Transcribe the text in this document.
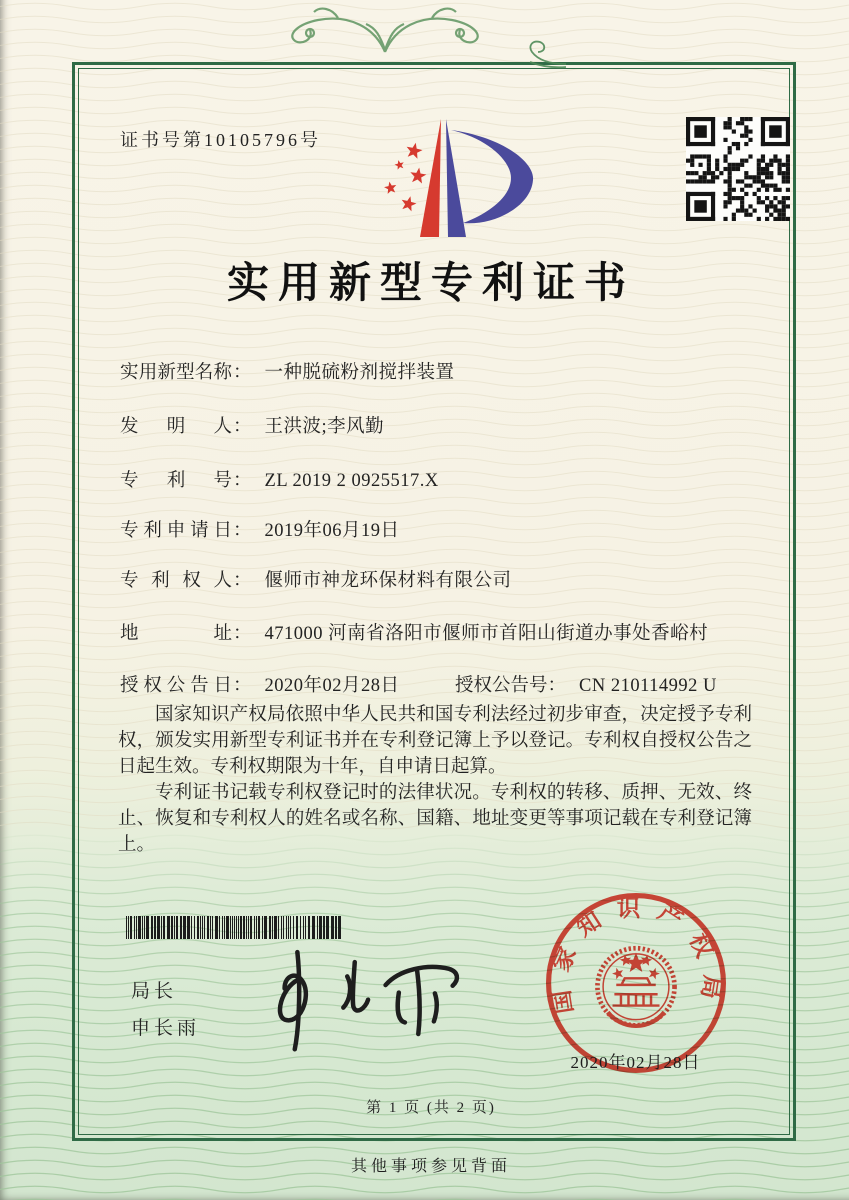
证书号第10105796号
实用新型专利证书
实用新型名称 ： 一种脱硫粉剂搅拌装置
发明人 ： 王洪波;李风勤
专利号 ： ZL 2019 2 0925517.X
专利申请日 ： 2019年06月19日
专利权人 ： 偃师市神龙环保材料有限公司
地址 ： 471000 河南省洛阳市偃师市首阳山街道办事处香峪村
授权公告日 ： 2020年02月28日	授权公告号 ： CN 210114992 U

国家知识产权局依照中华人民共和国专利法经过初步审查，决定授予专利权，颁发实用新型专利证书并在专利登记簿上予以登记。专利权自授权公告之日起生效。专利权期限为十年，自申请日起算。

专利证书记载专利权登记时的法律状况。专利权的转移、质押、无效、终止、恢复和专利权人的姓名或名称、国籍、地址变更等事项记载在专利登记簿上。

局长
申长雨
国家知识产权局
2020年02月28日
第 1 页 (共 2 页)
其他事项参见背面
